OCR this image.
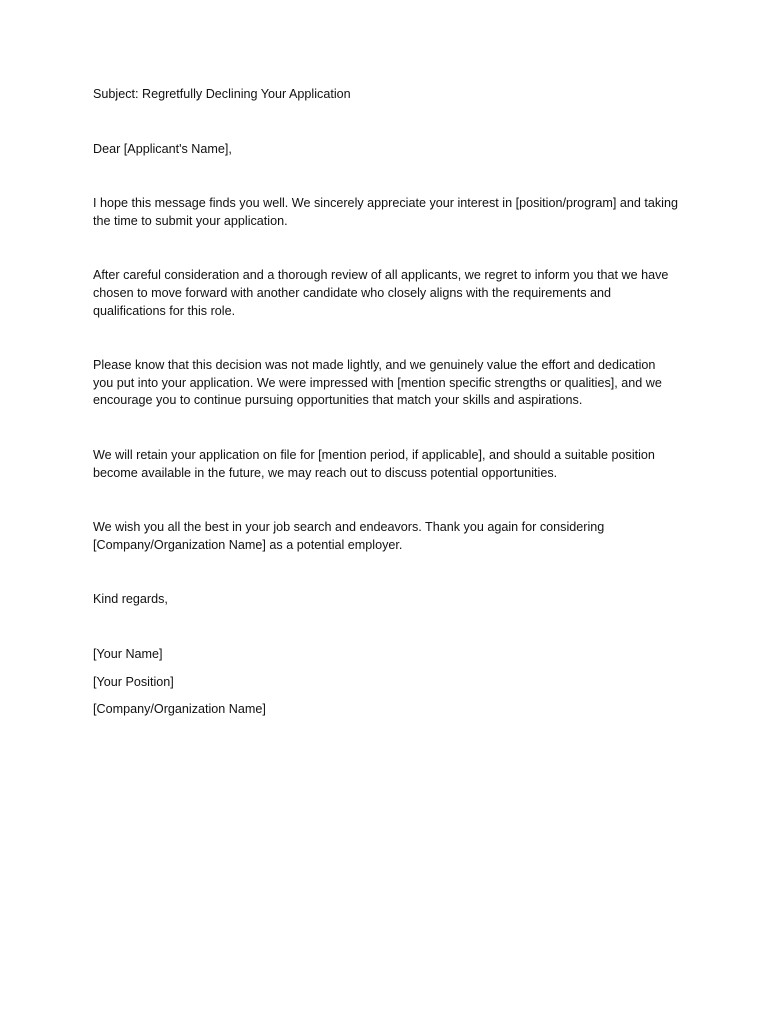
Subject: Regretfully Declining Your Application

Dear [Applicant's Name],

I hope this message finds you well. We sincerely appreciate your interest in [position/program] and taking the time to submit your application.

After careful consideration and a thorough review of all applicants, we regret to inform you that we have chosen to move forward with another candidate who closely aligns with the requirements and qualifications for this role.

Please know that this decision was not made lightly, and we genuinely value the effort and dedication you put into your application. We were impressed with [mention specific strengths or qualities], and we encourage you to continue pursuing opportunities that match your skills and aspirations.

We will retain your application on file for [mention period, if applicable], and should a suitable position become available in the future, we may reach out to discuss potential opportunities.

We wish you all the best in your job search and endeavors. Thank you again for considering [Company/Organization Name] as a potential employer.

Kind regards,

[Your Name]

[Your Position]

[Company/Organization Name]
